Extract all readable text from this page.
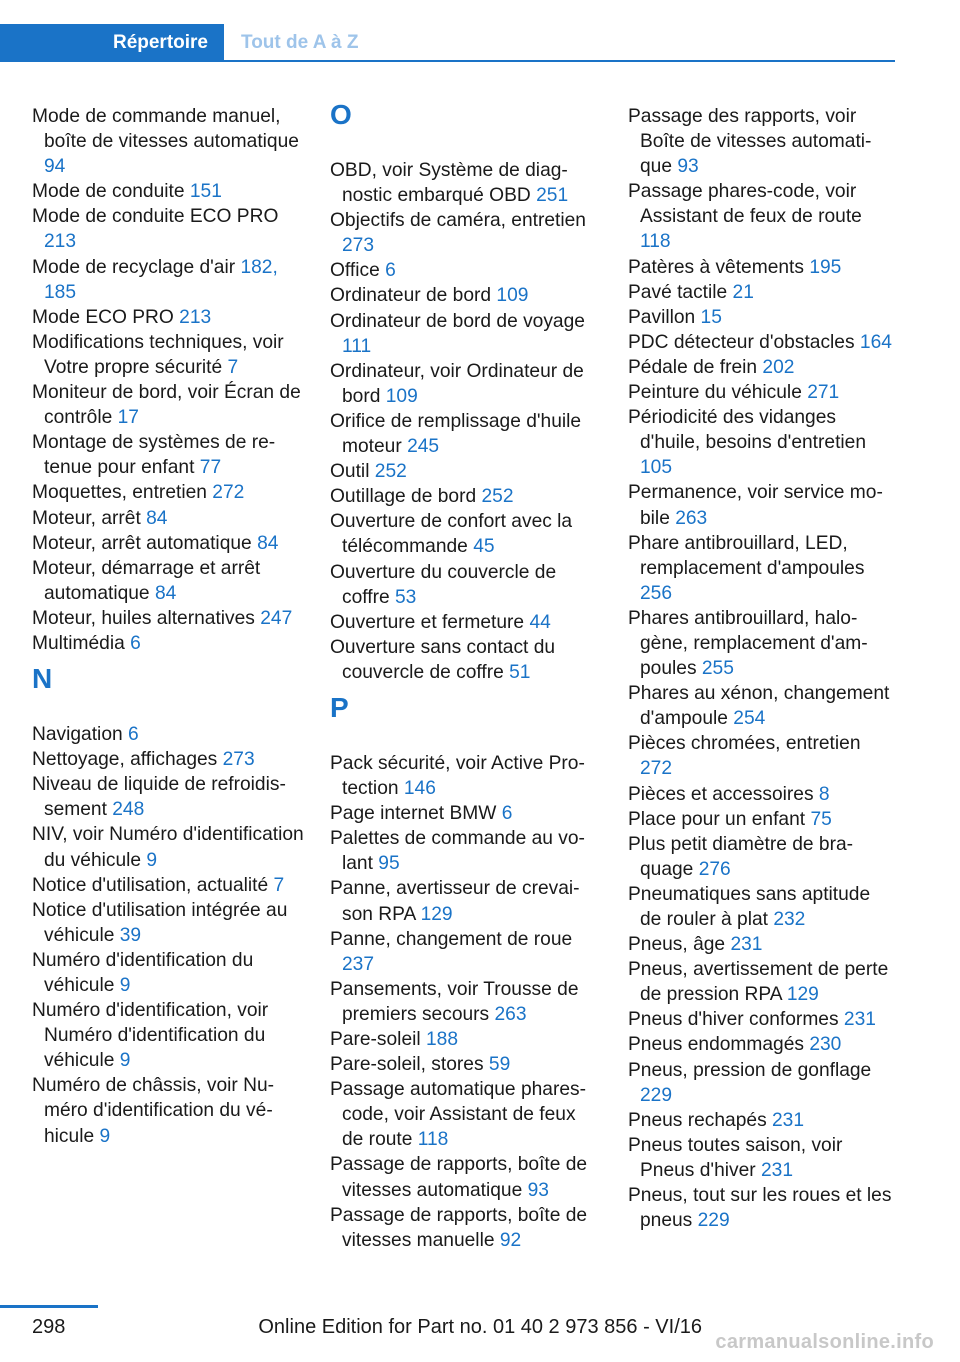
Répertoire Tout de A à Z

Mode de commande manuel, boîte de vitesses automatique 94

Mode de conduite 151

Mode de conduite ECO PRO 213

Mode de recyclage d'air 182, 185

Mode ECO PRO 213

Modifications techniques, voir Votre propre sécurité 7

Moniteur de bord, voir Écran de contrôle 17

Montage de systèmes de retenue pour enfant 77

Moquettes, entretien 272

Moteur, arrêt 84

Moteur, arrêt automatique 84

Moteur, démarrage et arrêt automatique 84

Moteur, huiles alternatives 247

Multimédia 6

N

Navigation 6

Nettoyage, affichages 273

Niveau de liquide de refroidissement 248

NIV, voir Numéro d'identification du véhicule 9

Notice d'utilisation, actualité 7

Notice d'utilisation intégrée au véhicule 39

Numéro d'identification du véhicule 9

Numéro d'identification, voir Numéro d'identification du véhicule 9

Numéro de châssis, voir Numéro d'identification du véhicule 9

O

OBD, voir Système de diagnostic embarqué OBD 251

Objectifs de caméra, entretien 273

Office 6

Ordinateur de bord 109

Ordinateur de bord de voyage 111

Ordinateur, voir Ordinateur de bord 109

Orifice de remplissage d'huile moteur 245

Outil 252

Outillage de bord 252

Ouverture de confort avec la télécommande 45

Ouverture du couvercle de coffre 53

Ouverture et fermeture 44

Ouverture sans contact du couvercle de coffre 51

P

Pack sécurité, voir Active Protection 146

Page internet BMW 6

Palettes de commande au volant 95

Panne, avertisseur de crevaison RPA 129

Panne, changement de roue 237

Pansements, voir Trousse de premiers secours 263

Pare-soleil 188

Pare-soleil, stores 59

Passage automatique phares-code, voir Assistant de feux de route 118

Passage de rapports, boîte de vitesses automatique 93

Passage de rapports, boîte de vitesses manuelle 92

Passage des rapports, voir Boîte de vitesses automatique 93

Passage phares-code, voir Assistant de feux de route 118

Patères à vêtements 195

Pavé tactile 21

Pavillon 15

PDC détecteur d'obstacles 164

Pédale de frein 202

Peinture du véhicule 271

Périodicité des vidanges d'huile, besoins d'entretien 105

Permanence, voir service mobile 263

Phare antibrouillard, LED, remplacement d'ampoules 256

Phares antibrouillard, halogène, remplacement d'ampoules 255

Phares au xénon, changement d'ampoule 254

Pièces chromées, entretien 272

Pièces et accessoires 8

Place pour un enfant 75

Plus petit diamètre de braquage 276

Pneumatiques sans aptitude de rouler à plat 232

Pneus, âge 231

Pneus, avertissement de perte de pression RPA 129

Pneus d'hiver conformes 231

Pneus endommagés 230

Pneus, pression de gonflage 229

Pneus rechapés 231

Pneus toutes saison, voir Pneus d'hiver 231

Pneus, tout sur les roues et les pneus 229

298	Online Edition for Part no. 01 40 2 973 856 - VI/16
carmanualsonline.info
